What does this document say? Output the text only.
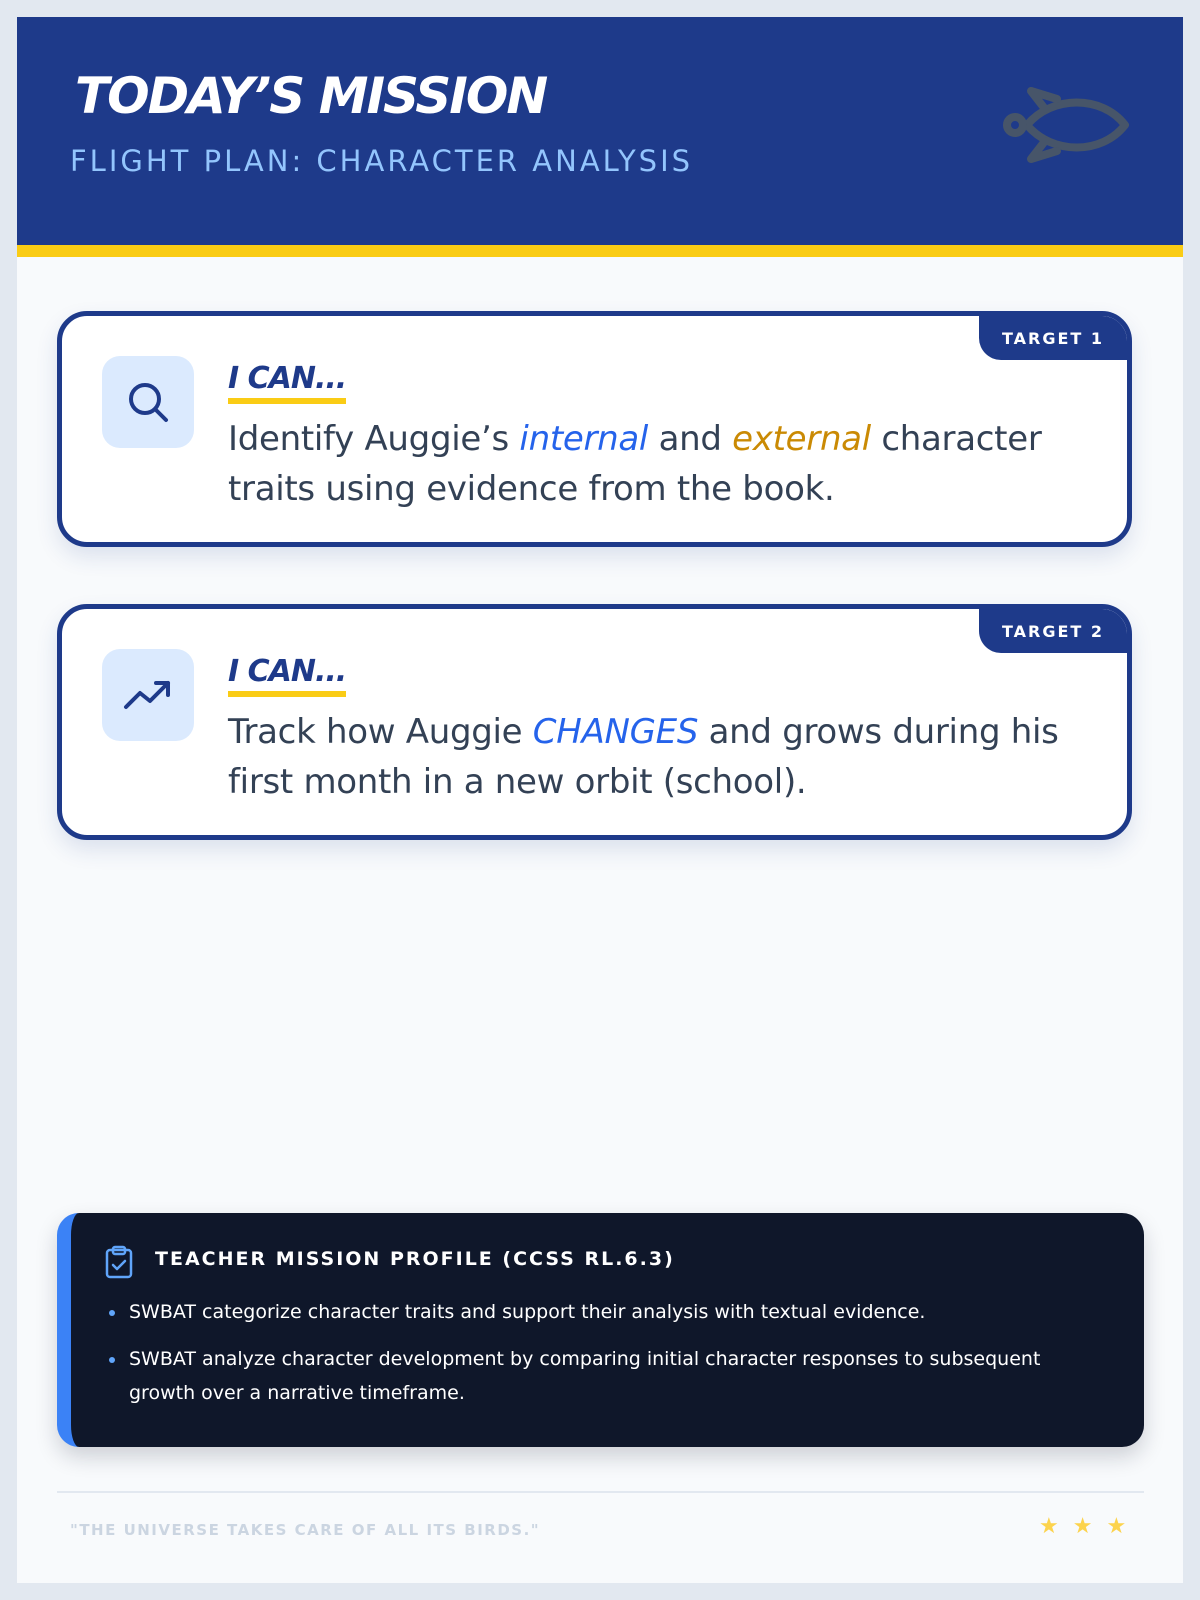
TODAY’S MISSION
FLIGHT PLAN: CHARACTER ANALYSIS
TARGET 1
I CAN...
Identify Auggie’s internal and external character traits using evidence from the book.
TARGET 2
I CAN...
Track how Auggie CHANGES and grows during his first month in a new orbit (school).
TEACHER MISSION PROFILE (CCSS RL.6.3)
SWBAT categorize character traits and support their analysis with textual evidence.
SWBAT analyze character development by comparing initial character responses to subsequent growth over a narrative timeframe.
"THE UNIVERSE TAKES CARE OF ALL ITS BIRDS."	★ ★ ★
